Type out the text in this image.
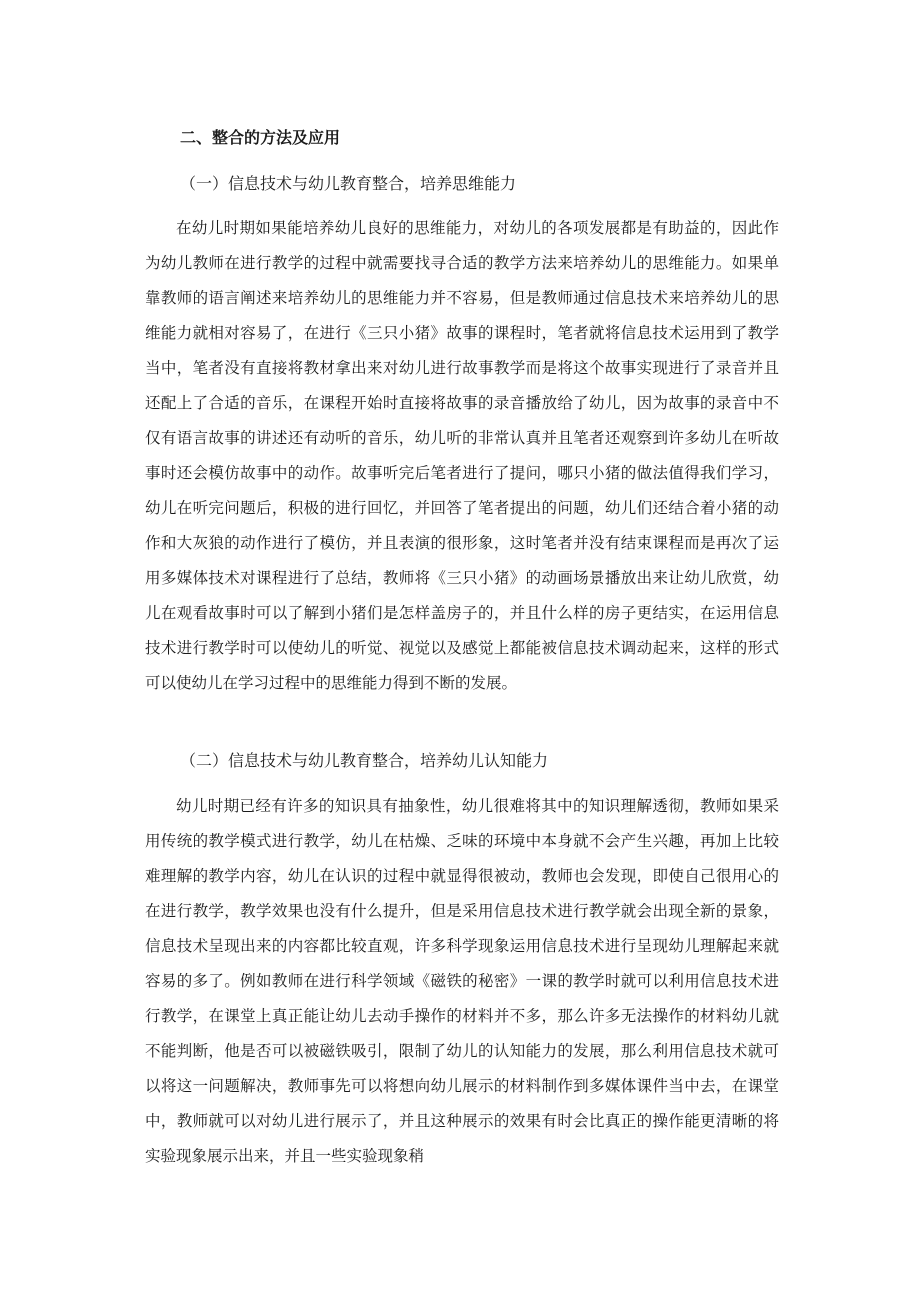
二、整合的方法及应用
（一）信息技术与幼儿教育整合，培养思维能力

在幼儿时期如果能培养幼儿良好的思维能力，对幼儿的各项发展都是有助益的，因此作为幼儿教师在进行教学的过程中就需要找寻合适的教学方法来培养幼儿的思维能力。如果单靠教师的语言阐述来培养幼儿的思维能力并不容易，但是教师通过信息技术来培养幼儿的思维能力就相对容易了，在进行《三只小猪》故事的课程时，笔者就将信息技术运用到了教学当中，笔者没有直接将教材拿出来对幼儿进行故事教学而是将这个故事实现进行了录音并且还配上了合适的音乐，在课程开始时直接将故事的录音播放给了幼儿，因为故事的录音中不仅有语言故事的讲述还有动听的音乐，幼儿听的非常认真并且笔者还观察到许多幼儿在听故事时还会模仿故事中的动作。故事听完后笔者进行了提问，哪只小猪的做法值得我们学习，幼儿在听完问题后，积极的进行回忆，并回答了笔者提出的问题，幼儿们还结合着小猪的动作和大灰狼的动作进行了模仿，并且表演的很形象，这时笔者并没有结束课程而是再次了运用多媒体技术对课程进行了总结，教师将《三只小猪》的动画场景播放出来让幼儿欣赏，幼儿在观看故事时可以了解到小猪们是怎样盖房子的，并且什么样的房子更结实，在运用信息技术进行教学时可以使幼儿的听觉、视觉以及感觉上都能被信息技术调动起来，这样的形式可以使幼儿在学习过程中的思维能力得到不断的发展。

（二）信息技术与幼儿教育整合，培养幼儿认知能力

幼儿时期已经有许多的知识具有抽象性，幼儿很难将其中的知识理解透彻，教师如果采用传统的教学模式进行教学，幼儿在枯燥、乏味的环境中本身就不会产生兴趣，再加上比较难理解的教学内容，幼儿在认识的过程中就显得很被动，教师也会发现，即使自己很用心的在进行教学，教学效果也没有什么提升，但是采用信息技术进行教学就会出现全新的景象，信息技术呈现出来的内容都比较直观，许多科学现象运用信息技术进行呈现幼儿理解起来就容易的多了。例如教师在进行科学领域《磁铁的秘密》一课的教学时就可以利用信息技术进行教学，在课堂上真正能让幼儿去动手操作的材料并不多，那么许多无法操作的材料幼儿就不能判断，他是否可以被磁铁吸引，限制了幼儿的认知能力的发展，那么利用信息技术就可以将这一问题解决，教师事先可以将想向幼儿展示的材料制作到多媒体课件当中去，在课堂中，教师就可以对幼儿进行展示了，并且这种展示的效果有时会比真正的操作能更清晰的将实验现象展示出来，并且一些实验现象稍
